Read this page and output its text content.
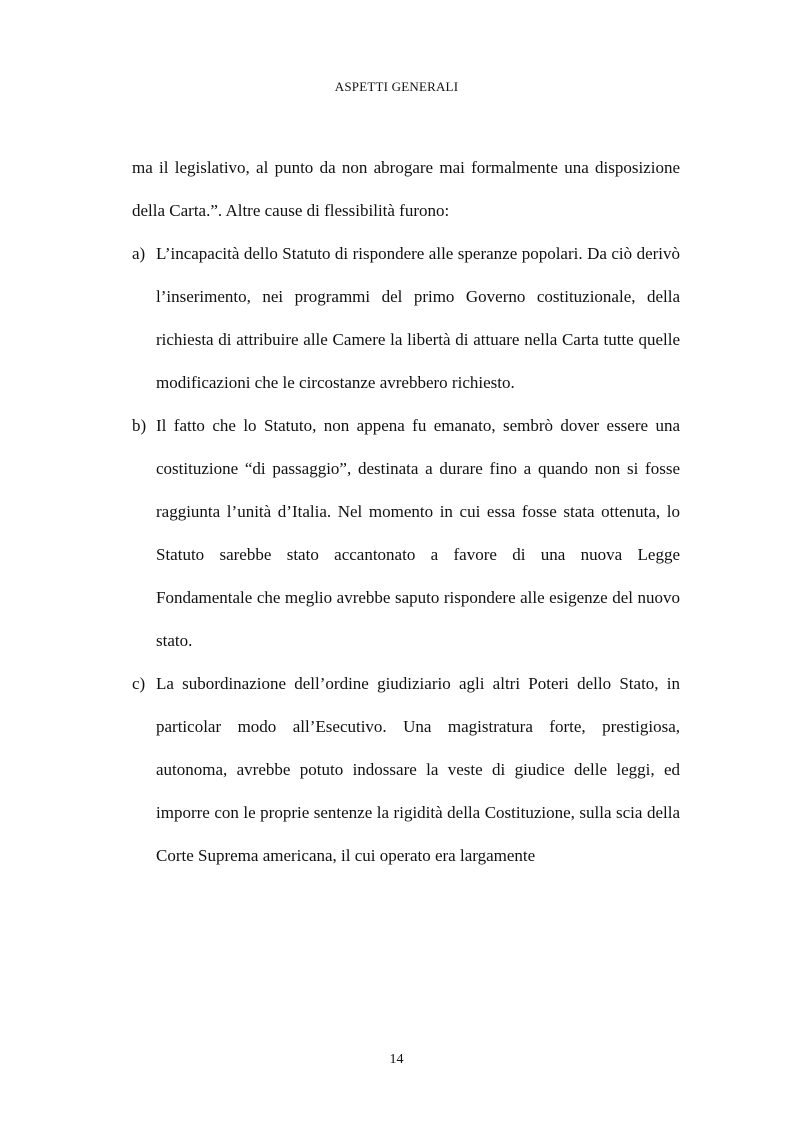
ASPETTI GENERALI

ma il legislativo, al punto da non abrogare mai formalmente una disposizione della Carta.”. Altre cause di flessibilità furono:

a) L’incapacità dello Statuto di rispondere alle speranze popolari. Da ciò derivò l’inserimento, nei programmi del primo Governo costituzionale, della richiesta di attribuire alle Camere la libertà di attuare nella Carta tutte quelle modificazioni che le circostanze avrebbero richiesto.
b) Il fatto che lo Statuto, non appena fu emanato, sembrò dover essere una costituzione “di passaggio”, destinata a durare fino a quando non si fosse raggiunta l’unità d’Italia. Nel momento in cui essa fosse stata ottenuta, lo Statuto sarebbe stato accantonato a favore di una nuova Legge Fondamentale che meglio avrebbe saputo rispondere alle esigenze del nuovo stato.
c) La subordinazione dell’ordine giudiziario agli altri Poteri dello Stato, in particolar modo all’Esecutivo. Una magistratura forte, prestigiosa, autonoma, avrebbe potuto indossare la veste di giudice delle leggi, ed imporre con le proprie sentenze la rigidità della Costituzione, sulla scia della Corte Suprema americana, il cui operato era largamente
14
